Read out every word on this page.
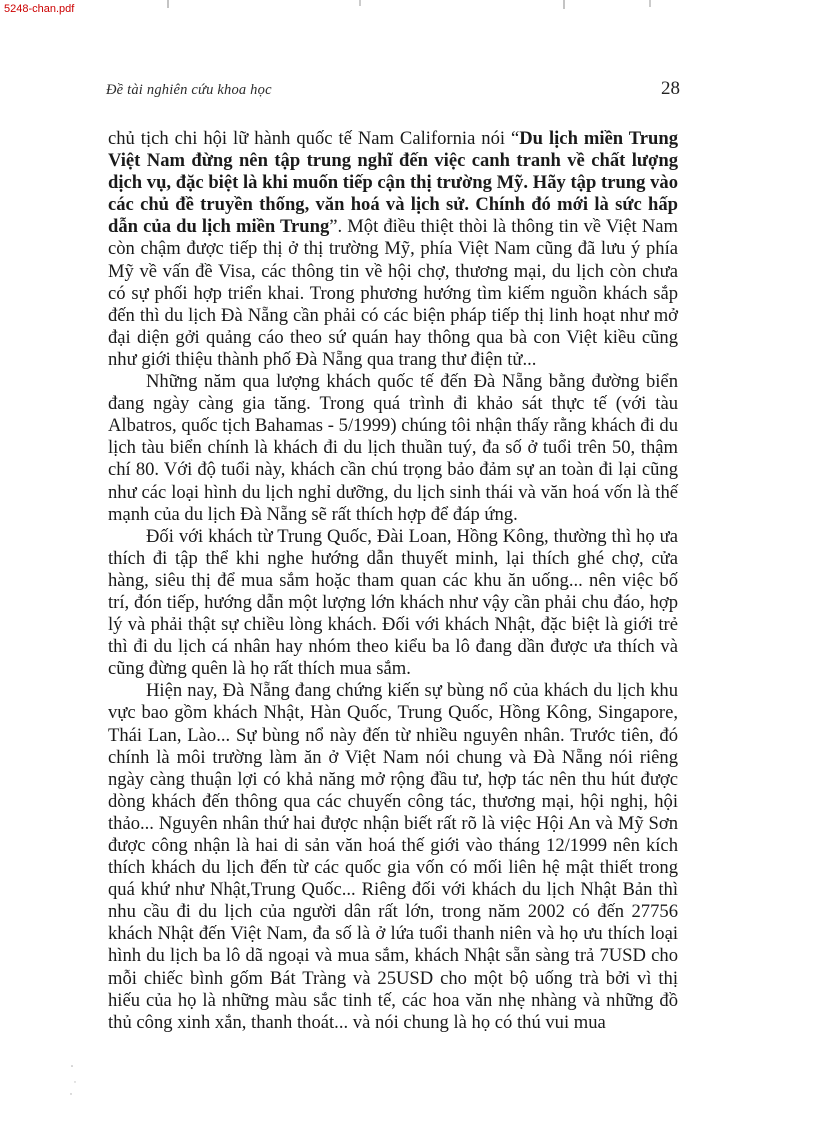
5248-chan.pdf
Đề tài nghiên cứu khoa học	28

chủ tịch chi hội lữ hành quốc tế Nam California nói “Du lịch miền Trung Việt Nam đừng nên tập trung nghĩ đến việc canh tranh về chất lượng dịch vụ, đặc biệt là khi muốn tiếp cận thị trường Mỹ. Hãy tập trung vào các chủ đề truyền thống, văn hoá và lịch sử. Chính đó mới là sức hấp dẫn của du lịch miền Trung”. Một điều thiệt thòi là thông tin về Việt Nam còn chậm được tiếp thị ở thị trường Mỹ, phía Việt Nam cũng đã lưu ý phía Mỹ về vấn đề Visa, các thông tin về hội chợ, thương mại, du lịch còn chưa có sự phối hợp triển khai. Trong phương hướng tìm kiếm nguồn khách sắp đến thì du lịch Đà Nẵng cần phải có các biện pháp tiếp thị linh hoạt như mở đại diện gởi quảng cáo theo sứ quán hay thông qua bà con Việt kiều cũng như giới thiệu thành phố Đà Nẵng qua trang thư điện tử...

Những năm qua lượng khách quốc tế đến Đà Nẵng bằng đường biển đang ngày càng gia tăng. Trong quá trình đi khảo sát thực tế (với tàu Albatros, quốc tịch Bahamas - 5/1999) chúng tôi nhận thấy rằng khách đi du lịch tàu biển chính là khách đi du lịch thuần tuý, đa số ở tuổi trên 50, thậm chí 80. Với độ tuổi này, khách cần chú trọng bảo đảm sự an toàn đi lại cũng như các loại hình du lịch nghỉ dưỡng, du lịch sinh thái và văn hoá vốn là thế mạnh của du lịch Đà Nẵng sẽ rất thích hợp để đáp ứng.

Đối với khách từ Trung Quốc, Đài Loan, Hồng Kông, thường thì họ ưa thích đi tập thể khi nghe hướng dẫn thuyết minh, lại thích ghé chợ, cửa hàng, siêu thị để mua sắm hoặc tham quan các khu ăn uống... nên việc bố trí, đón tiếp, hướng dẫn một lượng lớn khách như vậy cần phải chu đáo, hợp lý và phải thật sự chiều lòng khách. Đối với khách Nhật, đặc biệt là giới trẻ thì đi du lịch cá nhân hay nhóm theo kiểu ba lô đang dần được ưa thích và cũng đừng quên là họ rất thích mua sắm.

Hiện nay, Đà Nẵng đang chứng kiến sự bùng nổ của khách du lịch khu vực bao gồm khách Nhật, Hàn Quốc, Trung Quốc, Hồng Kông, Singapore, Thái Lan, Lào... Sự bùng nổ này đến từ nhiều nguyên nhân. Trước tiên, đó chính là môi trường làm ăn ở Việt Nam nói chung và Đà Nẵng nói riêng ngày càng thuận lợi có khả năng mở rộng đầu tư, hợp tác nên thu hút được dòng khách đến thông qua các chuyến công tác, thương mại, hội nghị, hội thảo... Nguyên nhân thứ hai được nhận biết rất rõ là việc Hội An và Mỹ Sơn được công nhận là hai di sản văn hoá thế giới vào tháng 12/1999 nên kích thích khách du lịch đến từ các quốc gia vốn có mối liên hệ mật thiết trong quá khứ như Nhật,Trung Quốc... Riêng đối với khách du lịch Nhật Bản thì nhu cầu đi du lịch của người dân rất lớn, trong năm 2002 có đến 27756 khách Nhật đến Việt Nam, đa số là ở lứa tuổi thanh niên và họ ưu thích loại hình du lịch ba lô dã ngoại và mua sắm, khách Nhật sẵn sàng trả 7USD cho mỗi chiếc bình gốm Bát Tràng và 25USD cho một bộ uống trà bởi vì thị hiếu của họ là những màu sắc tinh tế, các hoa văn nhẹ nhàng và những đồ thủ công xinh xắn, thanh thoát... và nói chung là họ có thú vui mua
